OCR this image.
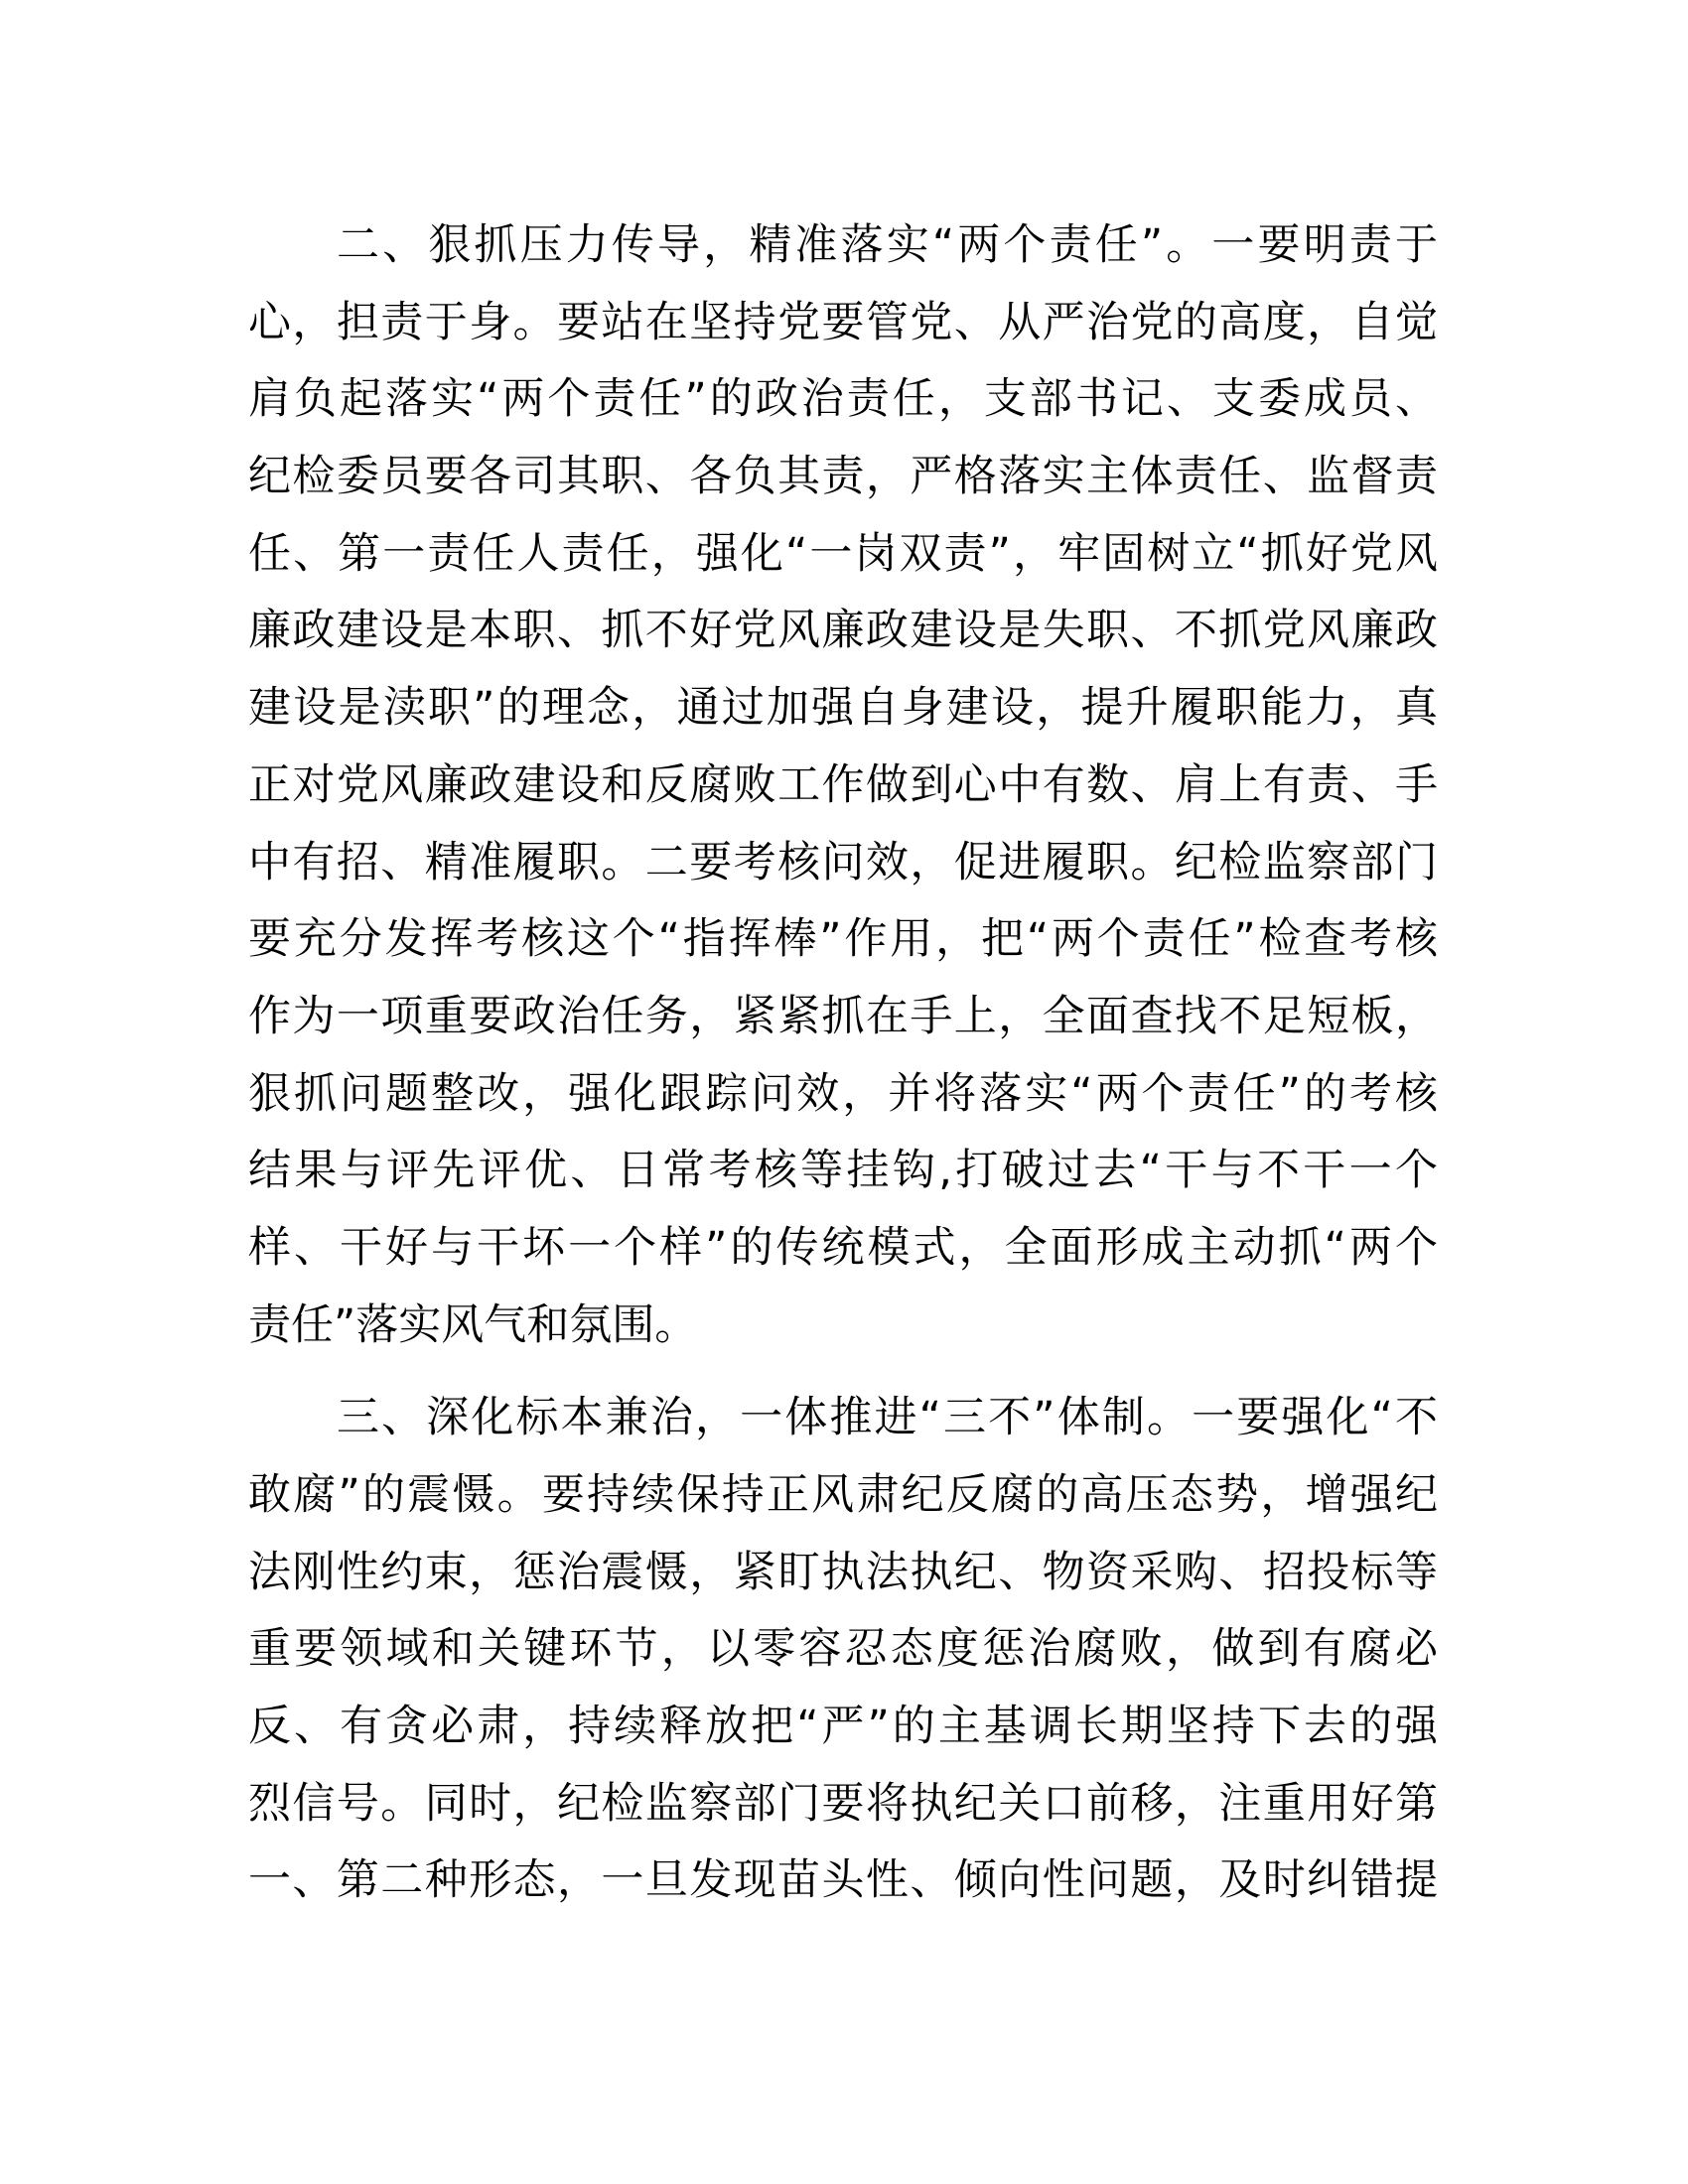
二、狠抓压力传导，精准落实“两个责任”。一要明责于
心，担责于身。要站在坚持党要管党、从严治党的高度，自觉
肩负起落实“两个责任”的政治责任，支部书记、支委成员、
纪检委员要各司其职、各负其责，严格落实主体责任、监督责
任、第一责任人责任，强化“一岗双责”，牢固树立“抓好党风
廉政建设是本职、抓不好党风廉政建设是失职、不抓党风廉政
建设是渎职”的理念，通过加强自身建设，提升履职能力，真
正对党风廉政建设和反腐败工作做到心中有数、肩上有责、手
中有招、精准履职。二要考核问效，促进履职。纪检监察部门
要充分发挥考核这个“指挥棒”作用，把“两个责任”检查考核
作为一项重要政治任务，紧紧抓在手上，全面查找不足短板，
狠抓问题整改，强化跟踪问效，并将落实“两个责任”的考核
结果与评先评优、日常考核等挂钩,打破过去“干与不干一个
样、干好与干坏一个样”的传统模式，全面形成主动抓“两个
责任”落实风气和氛围。
三、深化标本兼治，一体推进“三不”体制。一要强化“不
敢腐”的震慑。要持续保持正风肃纪反腐的高压态势，增强纪
法刚性约束，惩治震慑，紧盯执法执纪、物资采购、招投标等
重要领域和关键环节，以零容忍态度惩治腐败，做到有腐必
反、有贪必肃，持续释放把“严”的主基调长期坚持下去的强
烈信号。同时，纪检监察部门要将执纪关口前移，注重用好第
一、第二种形态，一旦发现苗头性、倾向性问题，及时纠错提
